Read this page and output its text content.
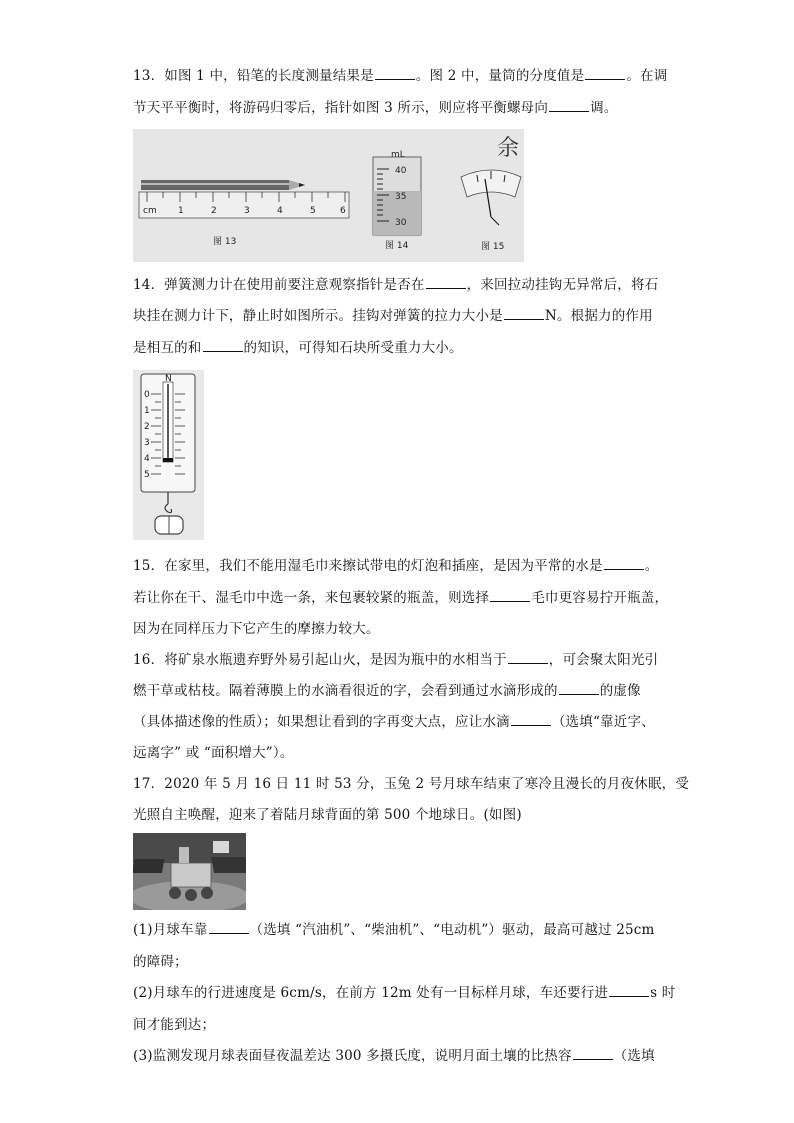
13．如图 1 中，铅笔的长度测量结果是	。图 2 中，量筒的分度值是	。在调
节天平平衡时，将游码归零后，指针如图 3 所示，则应将平衡螺母向	调。
cm 1	2	3	4	5	6
图 13
mL
40
35
30
图 14
余
图 15
14．弹簧测力计在使用前要注意观察指针是否在	，来回拉动挂钩无异常后，将石
块挂在测力计下，静止时如图所示。挂钩对弹簧的拉力大小是	N。根据力的作用
是相互的和	的知识，可得知石块所受重力大小。
N
0
1
2
3
4
5
15．在家里，我们不能用湿毛巾来擦试带电的灯泡和插座，是因为平常的水是	。
若让你在干、湿毛巾中选一条，来包裹较紧的瓶盖，则选择	毛巾更容易拧开瓶盖，
因为在同样压力下它产生的摩擦力较大。
16．将矿泉水瓶遗弃野外易引起山火，是因为瓶中的水相当于	，可会聚太阳光引
燃干草或枯枝。隔着薄膜上的水滴看很近的字，会看到通过水滴形成的	的虚像
（具体描述像的性质）；如果想让看到的字再变大点，应让水滴	（选填“靠近字、
远离字” 或 “面积增大”）。
17．2020 年 5 月 16 日 11 时 53 分，玉兔 2 号月球车结束了寒冷且漫长的月夜休眠，受
光照自主唤醒，迎来了着陆月球背面的第 500 个地球日。(如图)
(1)月球车靠	（选填 “汽油机”、“柴油机”、“电动机”）驱动，最高可越过 25cm
的障碍；
(2)月球车的行进速度是 6cm/s，在前方 12m 处有一目标样月球，车还要行进	s 时
间才能到达；
(3)监测发现月球表面昼夜温差达 300 多摄氏度，说明月面土壤的比热容	（选填
